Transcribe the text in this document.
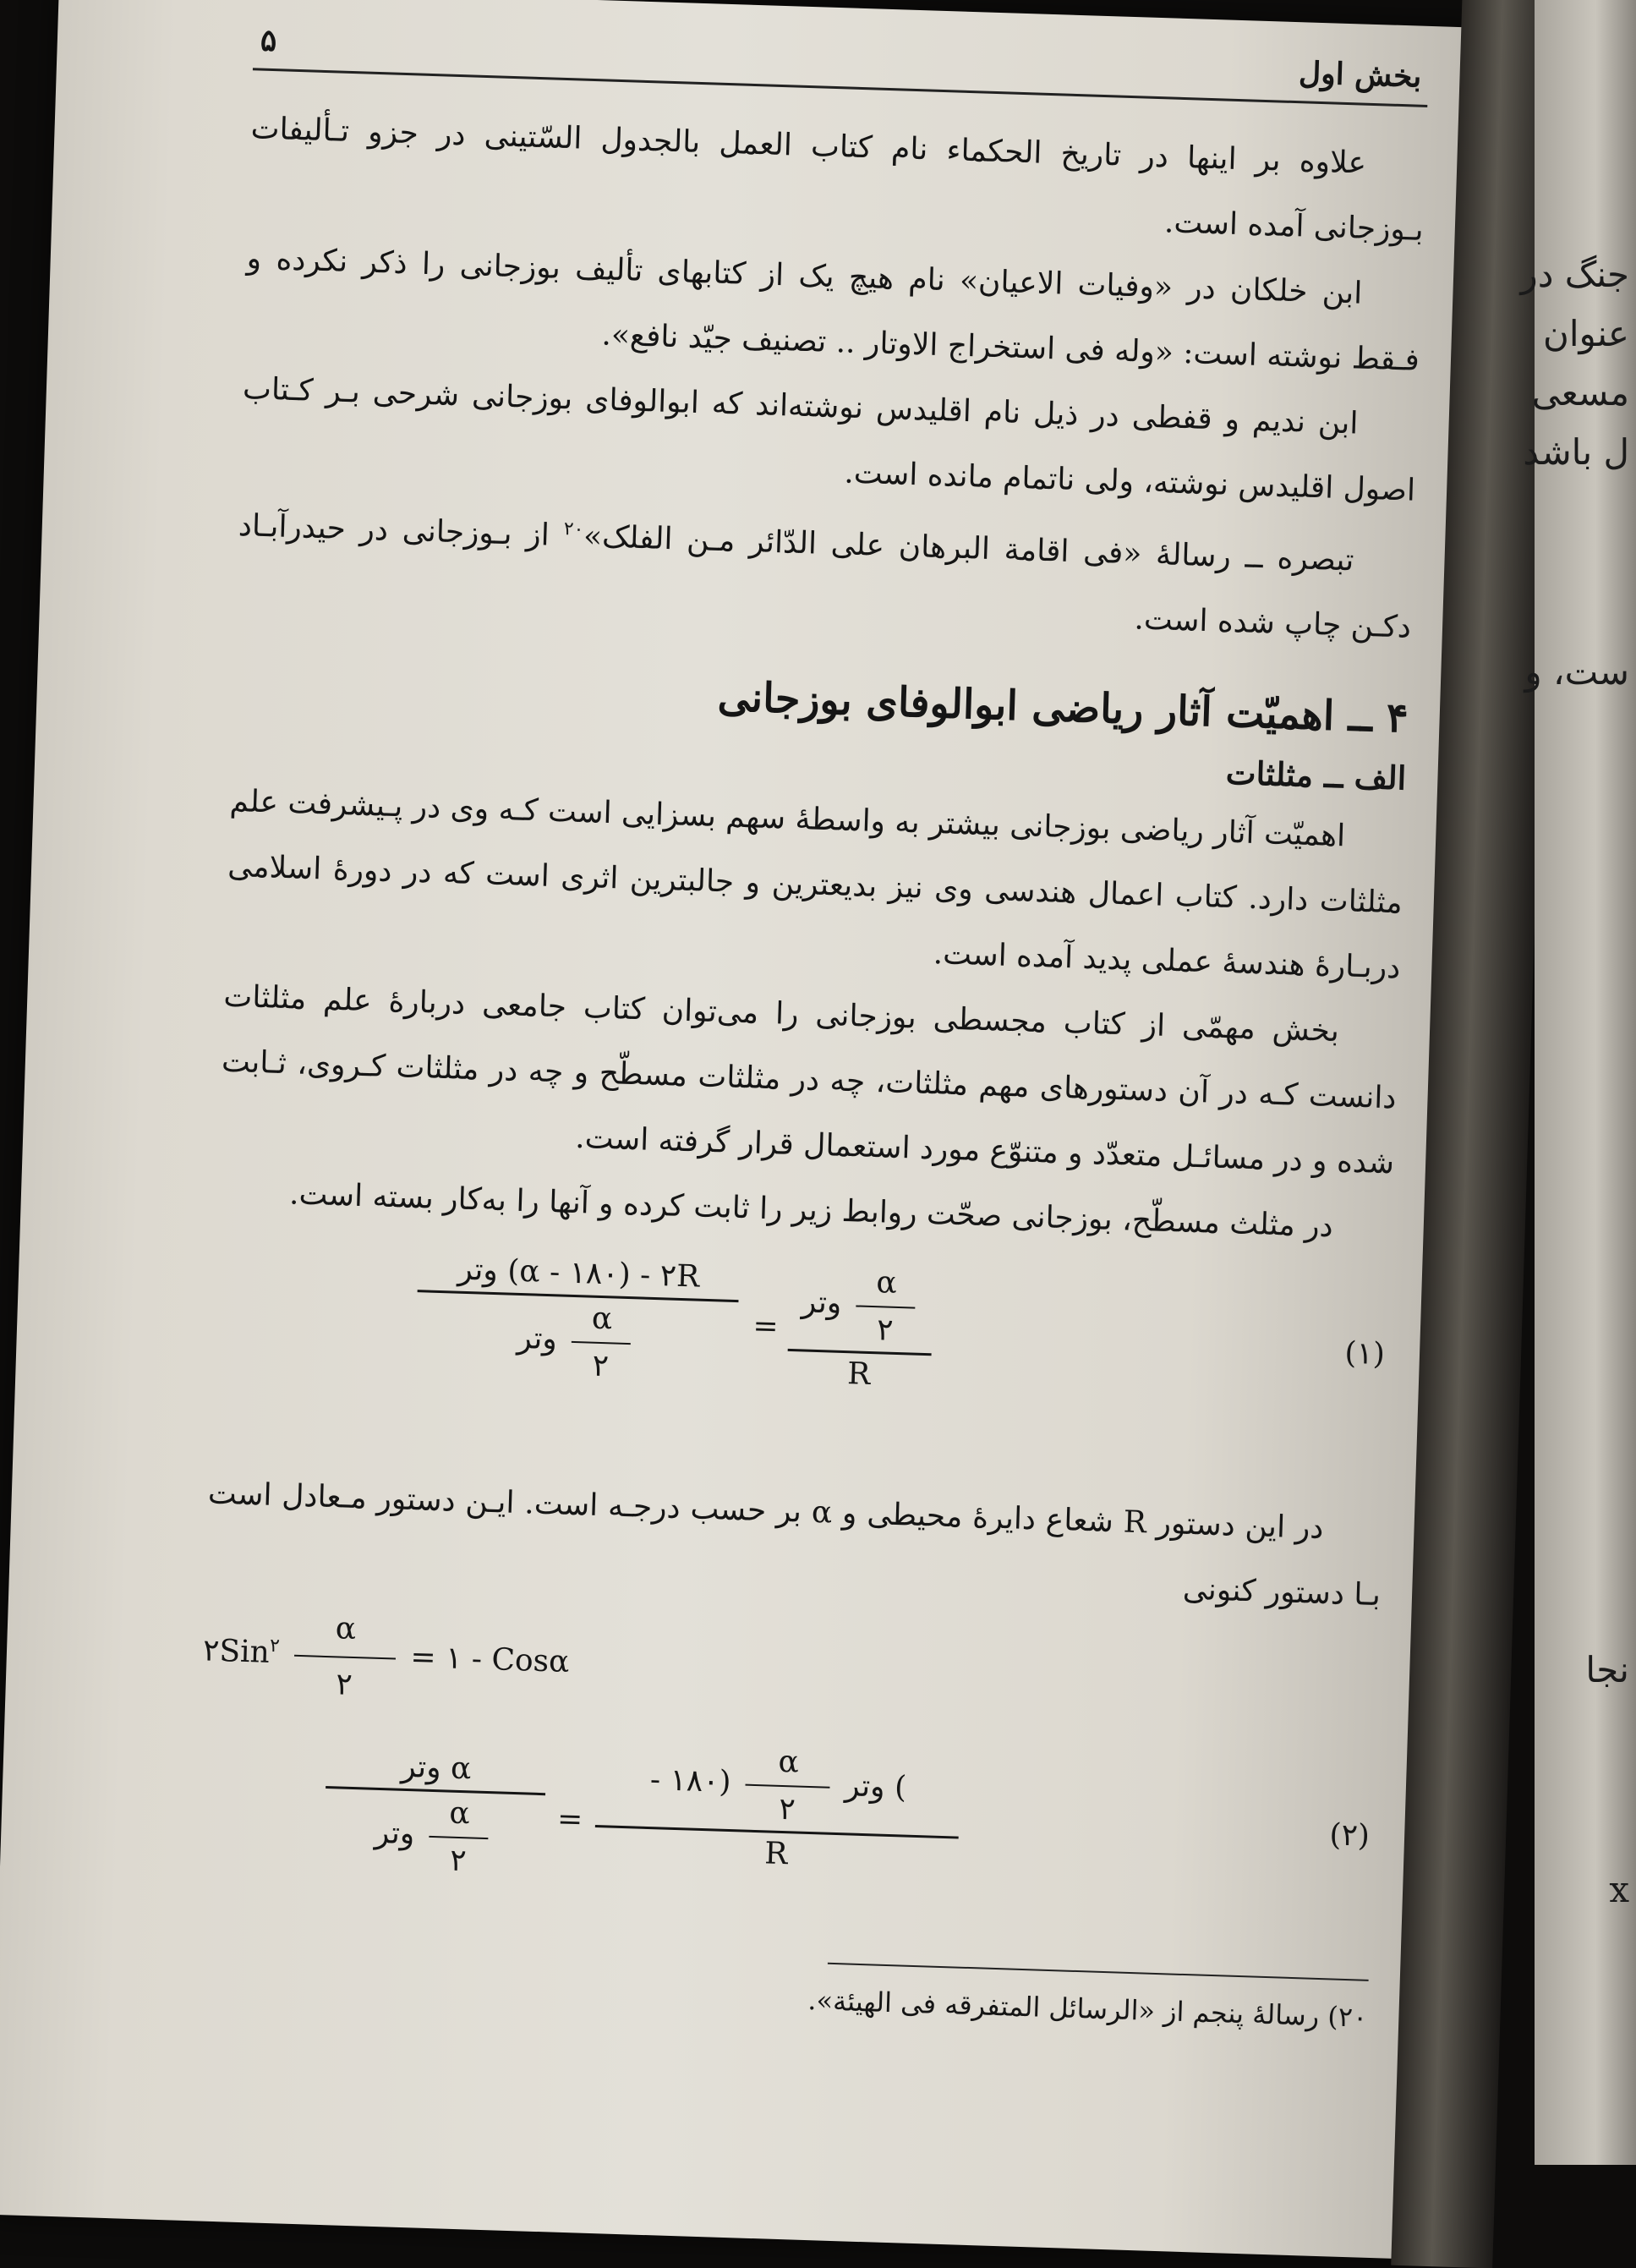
جنگ در
عنوان
مسعی
ل باشد
ست، و
نجا
x
بخش اول
۵

علاوه بر اینها در تاریخ الحکماء نام کتاب العمل بالجدول السّتینی در جزو تـألیفات بـوزجانی آمده است.

ابن خلکان در «وفیات الاعیان» نام هیچ یک از کتابهای تألیف بوزجانی را ذکر نکرده و فـقط نوشته است: «وله فی استخراج الاوتار .. تصنیف جیّد نافع».

ابن ندیم و قفطی در ذیل نام اقلیدس نوشته‌اند که ابوالوفای بوزجانی شرحی بـر کـتاب اصول اقلیدس نوشته، ولی ناتمام مانده است.

تبصره ــ رسالهٔ «فی اقامة البرهان علی الدّائر مـن الفلک»$^{۲۰}$ از بـوزجانی در حیدرآبـاد دکـن چاپ شده است.

۴ ــ اهمیّت آثار ریاضی ابوالوفای بوزجانی
الف ــ مثلثات

اهمیّت آثار ریاضی بوزجانی بیشتر به واسطهٔ سهم بسزایی است کـه وی در پـیشرفت علم مثلثات دارد. کتاب اعمال هندسی وی نیز بدیعترین و جالبترین اثری است که در دورهٔ اسلامی دربـارهٔ هندسهٔ عملی پدید آمده است.

بخش مهمّی از کتاب مجسطی بوزجانی را می‌توان کتاب جامعی دربارهٔ علم مثلثات دانست کـه در آن دستورهای مهم مثلثات، چه در مثلثات مسطّح و چه در مثلثات کـروی، ثـابت شده و در مسائـل متعدّد و متنوّع مورد استعمال قرار گرفته است.

در مثلث مسطّح، بوزجانی صحّت روابط زیر را ثابت کرده و آنها را به‌کار بسته است.

وتر (α - ۱۸۰) - ۲R
وتر
α
۲
=
وتر
α
۲
R
(۱)

در این دستور R شعاع دایرهٔ محیطی و α بر حسب درجـه است. ایـن دستور مـعادل است بـا دستور کنونی

۲Sin$^۲$	α
۲
= ۱ - Cosα
وتر α
وتر
α
۲
=
- ۱۸۰)
α
۲
وتر (
R
(۲)
۲۰) رسالهٔ پنجم از «الرسائل المتفرقه فی الهیئة».
